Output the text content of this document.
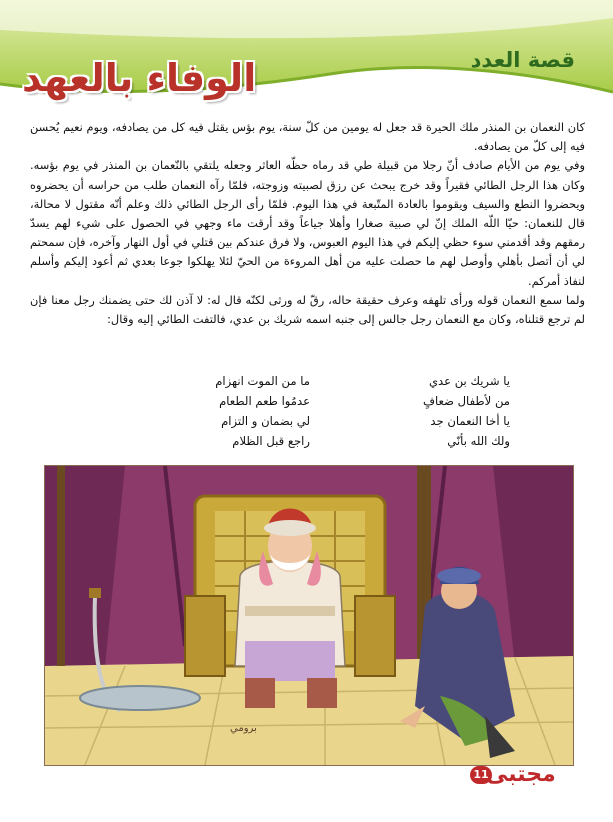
قصة العدد
الوفاء بالعهد

كان النعمان بن المنذر ملك الحيرة قد جعل له يومين من كلّ سنة، يوم بؤس يقتل فيه كل من يصادفه، ويوم نعيم يُحسن فيه إلى كلّ من يصادفه.

وفي يوم من الأيام صادف أنّ رجلا من قبيلة طي قد رماه حظّه العاثر وجعله يلتقي بالنّعمان بن المنذر في يوم بؤسه. وكان هذا الرجل الطائي فقيراً وقد خرج يبحث عن رزق لصبيته وزوجته، فلمّا رآه النعمان طلب من حراسه أن يحضروه ويحضروا النطع والسيف ويقوموا بالعادة المتّبعة في هذا اليوم. فلمّا رأى الرجل الطائي ذلك وعلم أنّه مقتول لا محالة، قال للنعمان: حيّا اللّه الملك إنّ لي صبية صغارا وأهلا جياعاً وقد أرقت ماء وجهي في الحصول على شيء لهم يسدّ رمقهم وقد أقدمني سوء حظي إليكم في هذا اليوم العبوس، ولا فرق عندكم بين قتلي في أول النهار وآخره، فإن سمحتم لي أن أتصل بأهلي وأوصل لهم ما حصلت عليه من أهل المروءة من الحيّ لئلا يهلكوا جوعا بعدي ثم أعود إليكم وأسلم لنفاذ أمركم.

ولما سمع النعمان قوله ورأى تلهفه وعرف حقيقة حاله، رقّ له ورثى لكنّه قال له: لا آذن لك حتى يضمنك رجل معنا فإن لم ترجع قتلناه، وكان مع النعمان رجل جالس إلى جنبه اسمه شريك بن عدي، فالتفت الطائي إليه وقال:

يا شريك بن عدي
ما من الموت انهزام
من لأطفال ضعافٍ
عدمُوا طعم الطعام
يا أخا النعمان جد
لي بضمان و التزام
ولك الله بأنّي
راجع قبل الظلام
ﺑﺮﻭﻣﻲ
11
مجتبى
